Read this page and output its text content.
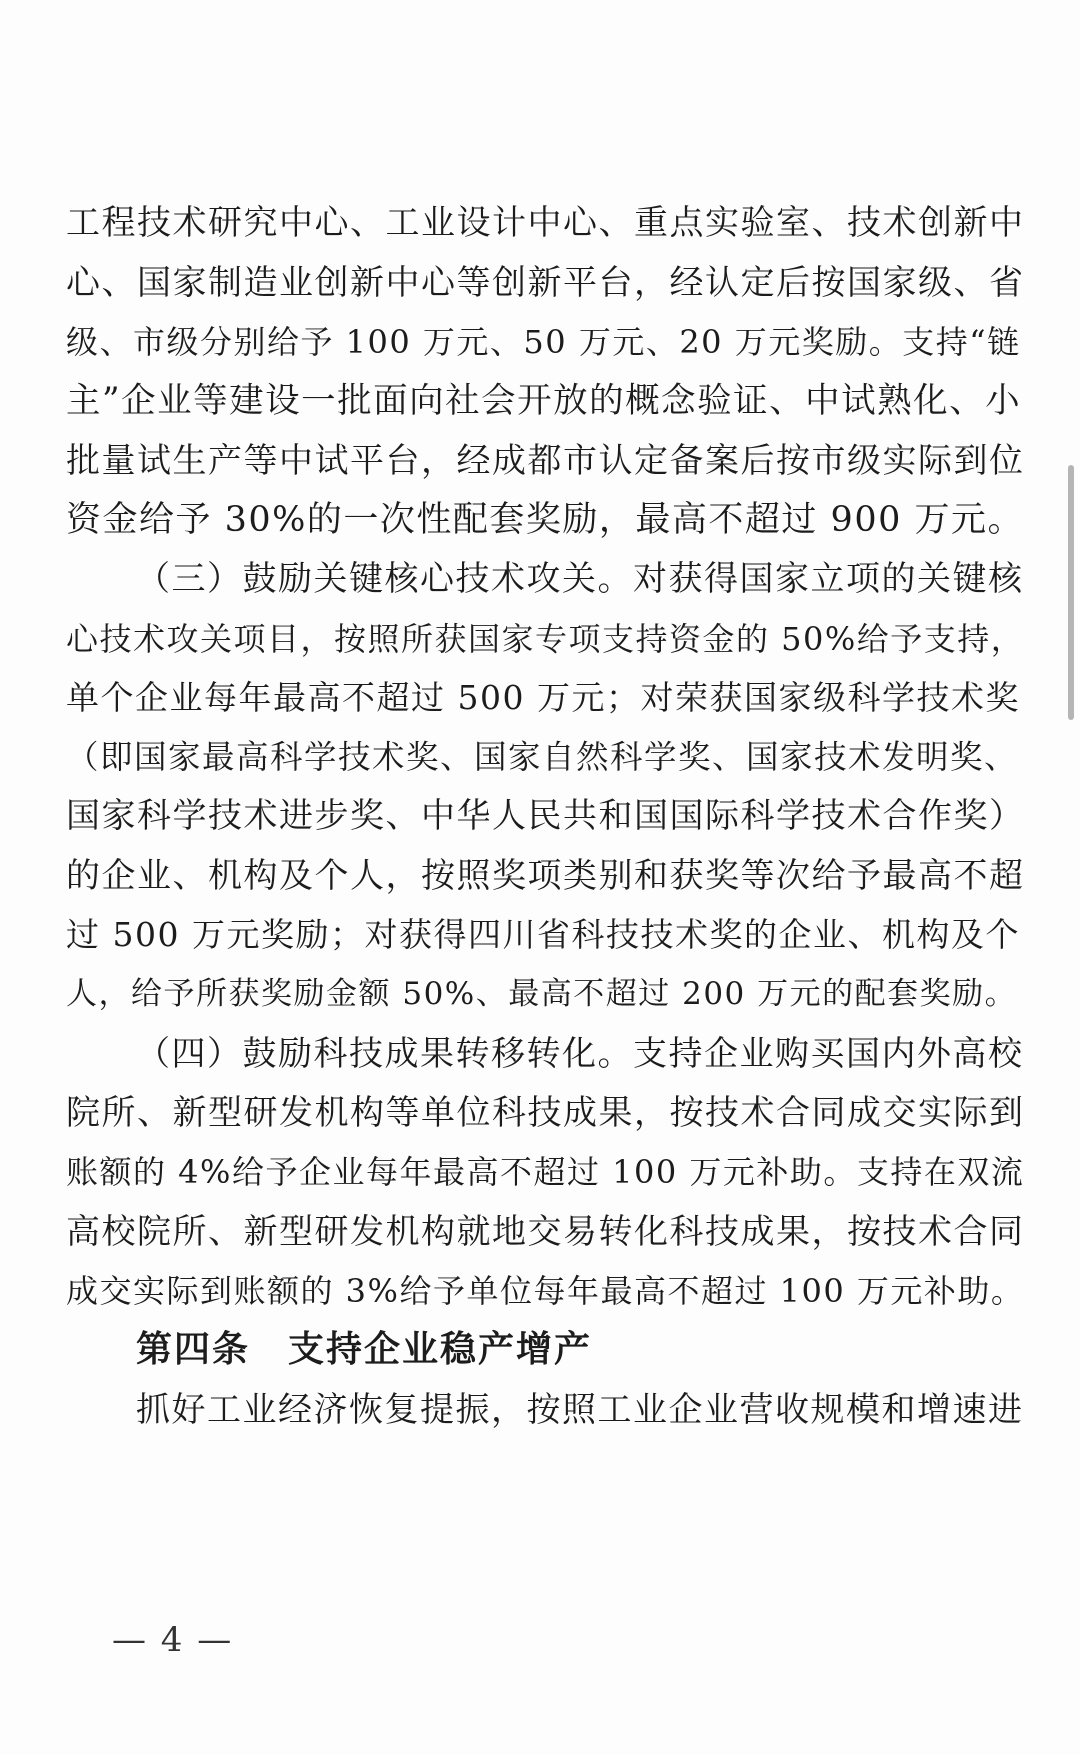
工程技术研究中心、工业设计中心、重点实验室、技术创新中
心、国家制造业创新中心等创新平台，经认定后按国家级、省
级、市级分别给予 100 万元、50 万元、20 万元奖励。支持“链
主”企业等建设一批面向社会开放的概念验证、中试熟化、小
批量试生产等中试平台，经成都市认定备案后按市级实际到位
资金给予 30%的一次性配套奖励，最高不超过 900 万元。
（三）鼓励关键核心技术攻关。对获得国家立项的关键核
心技术攻关项目，按照所获国家专项支持资金的 50%给予支持，
单个企业每年最高不超过 500 万元；对荣获国家级科学技术奖
（即国家最高科学技术奖、国家自然科学奖、国家技术发明奖、
国家科学技术进步奖、中华人民共和国国际科学技术合作奖）
的企业、机构及个人，按照奖项类别和获奖等次给予最高不超
过 500 万元奖励；对获得四川省科技技术奖的企业、机构及个
人，给予所获奖励金额 50%、最高不超过 200 万元的配套奖励。
（四）鼓励科技成果转移转化。支持企业购买国内外高校
院所、新型研发机构等单位科技成果，按技术合同成交实际到
账额的 4%给予企业每年最高不超过 100 万元补助。支持在双流
高校院所、新型研发机构就地交易转化科技成果，按技术合同
成交实际到账额的 3%给予单位每年最高不超过 100 万元补助。
第四条　支持企业稳产增产
抓好工业经济恢复提振，按照工业企业营收规模和增速进
— 4 —
